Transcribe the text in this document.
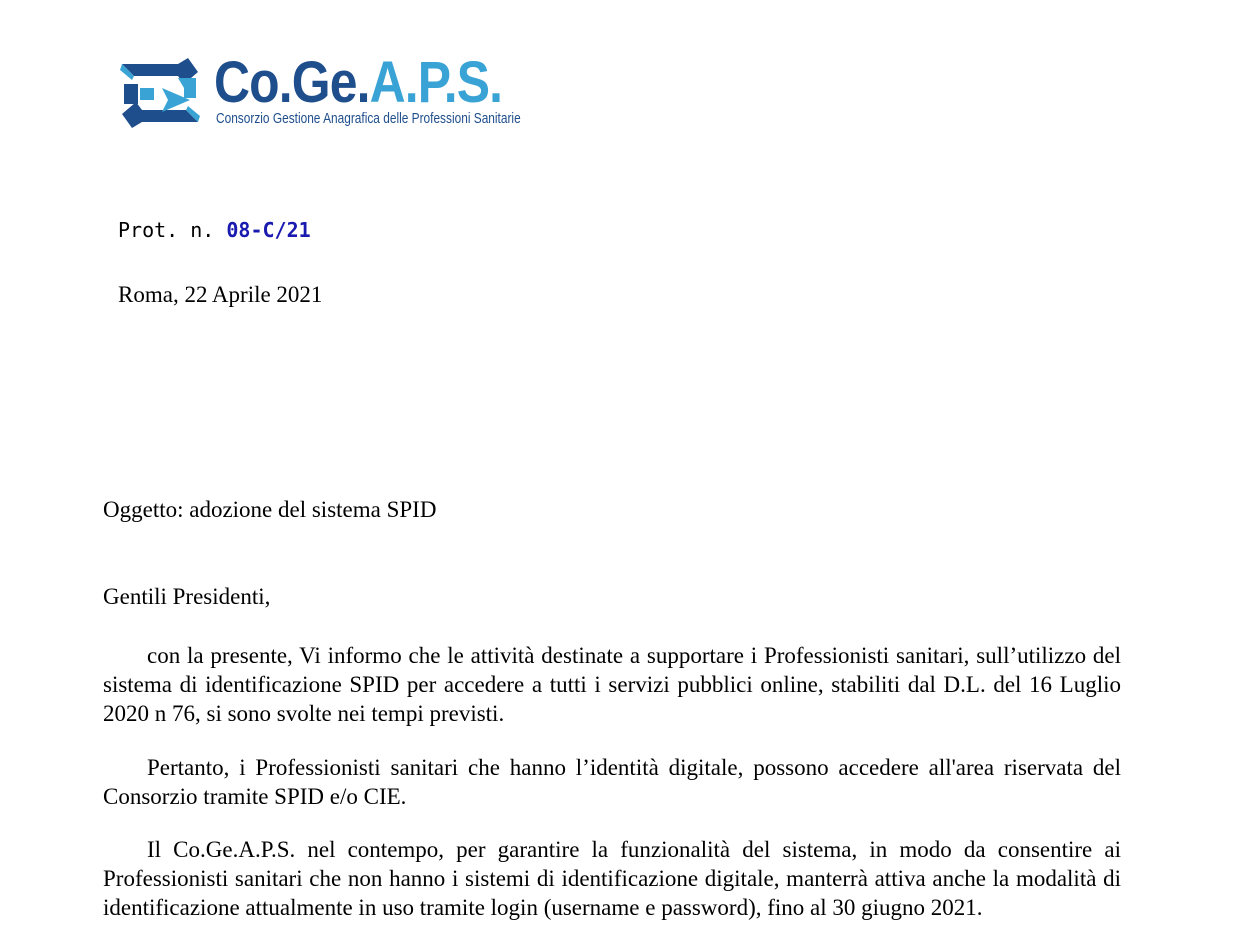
Co.Ge.A.P.S.
Consorzio Gestione Anagrafica delle Professioni Sanitarie
Prot. n. 08-C/21
Roma, 22 Aprile 2021
Oggetto: adozione del sistema SPID
Gentili Presidenti,

con la presente, Vi informo che le attività destinate a supportare i Professionisti sanitari, sull’utilizzo del sistema di identificazione SPID per accedere a tutti i servizi pubblici online, stabiliti dal D.L. del 16 Luglio 2020 n 76, si sono svolte nei tempi previsti.

Pertanto, i Professionisti sanitari che hanno l’identità digitale, possono accedere all'area riservata del Consorzio tramite SPID e/o CIE.

Il Co.Ge.A.P.S. nel contempo, per garantire la funzionalità del sistema, in modo da consentire ai Professionisti sanitari che non hanno i sistemi di identificazione digitale, manterrà attiva anche la modalità di identificazione attualmente in uso tramite login (username e password), fino al 30 giugno 2021.
